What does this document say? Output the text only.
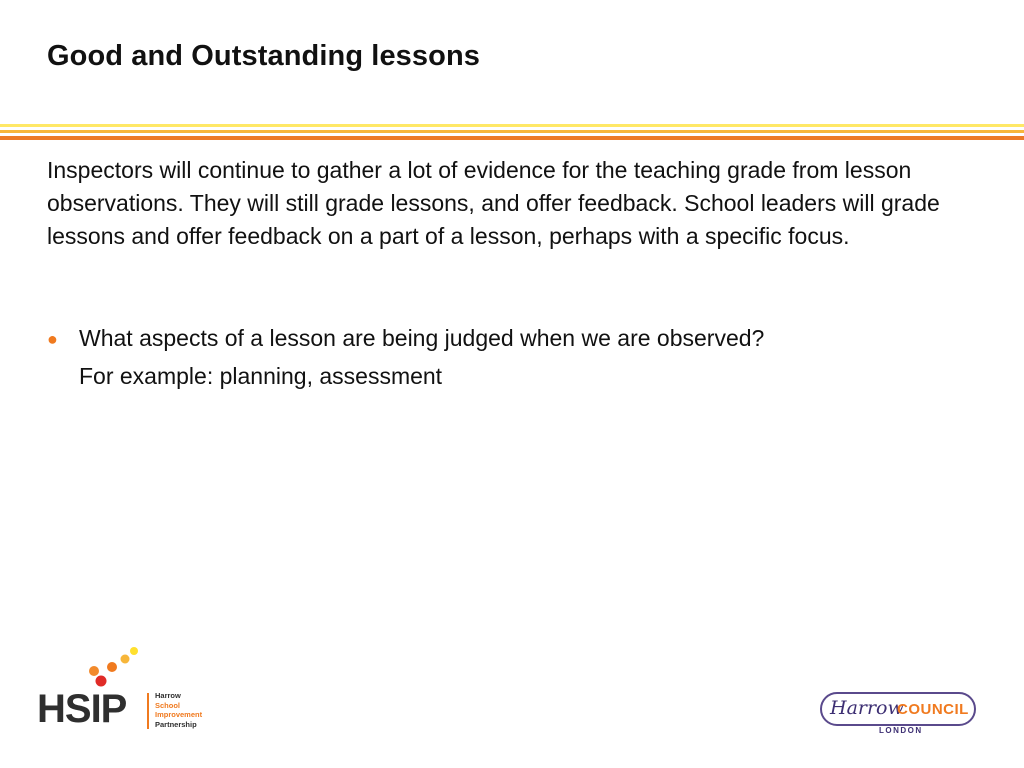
Good and Outstanding lessons

Inspectors will continue to gather a lot of evidence for the teaching grade from lesson observations. They will still grade lessons, and offer feedback. School leaders will grade lessons and offer feedback on a part of a lesson, perhaps with a specific focus.

● What aspects of a lesson are being judged when we are observed?
For example: planning, assessment
HSIP	Harrow
School
Improvement
Partnership
Harrow
COUNCIL
LONDON
